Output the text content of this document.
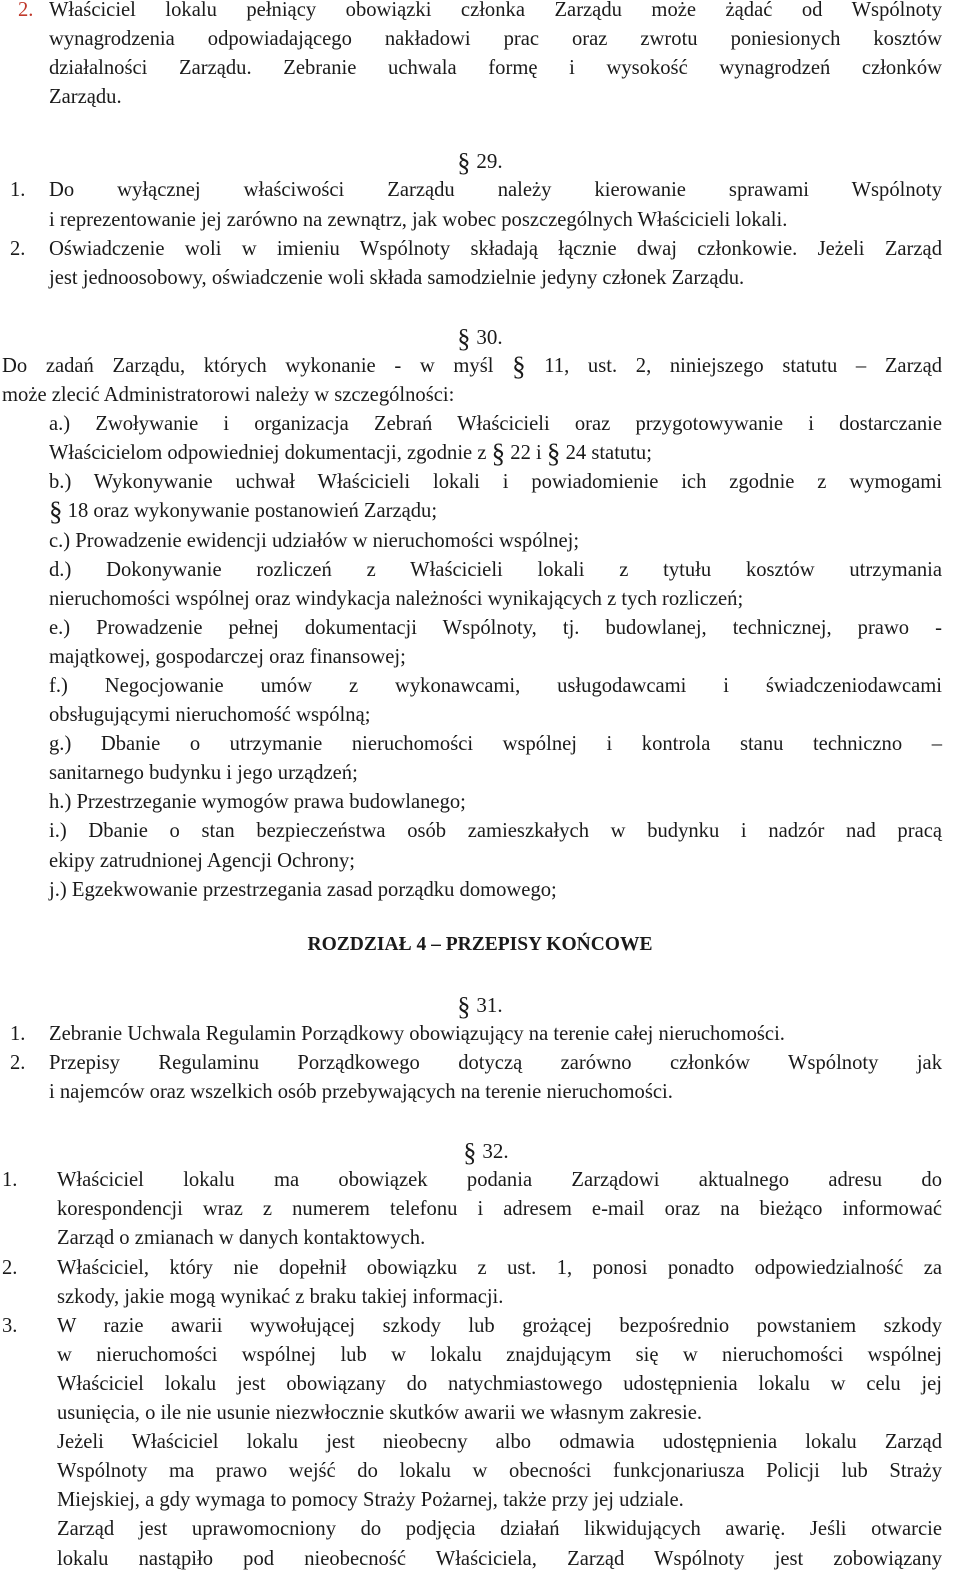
2. Właściciel lokalu pełniący obowiązki członka Zarządu może żądać od Wspólnoty
wynagrodzenia odpowiadającego nakładowi prac oraz zwrotu poniesionych kosztów
działalności Zarządu. Zebranie uchwala formę i wysokość wynagrodzeń członków
Zarządu.
§ 29.
1. Do wyłącznej właściwości Zarządu należy kierowanie sprawami Wspólnoty
i reprezentowanie jej zarówno na zewnątrz, jak wobec poszczególnych Właścicieli lokali.
2. Oświadczenie woli w imieniu Wspólnoty składają łącznie dwaj członkowie. Jeżeli Zarząd
jest jednoosobowy, oświadczenie woli składa samodzielnie jedyny członek Zarządu.
§ 30.
Do zadań Zarządu, których wykonanie - w myśl § 11, ust. 2, niniejszego statutu – Zarząd
może zlecić Administratorowi należy w szczególności:
a.) Zwoływanie i organizacja Zebrań Właścicieli oraz przygotowywanie i dostarczanie
Właścicielom odpowiedniej dokumentacji, zgodnie z § 22 i § 24 statutu;
b.) Wykonywanie uchwał Właścicieli lokali i powiadomienie ich zgodnie z wymogami
§ 18 oraz wykonywanie postanowień Zarządu;
c.) Prowadzenie ewidencji udziałów w nieruchomości wspólnej;
d.) Dokonywanie rozliczeń z Właścicieli lokali z tytułu kosztów utrzymania
nieruchomości wspólnej oraz windykacja należności wynikających z tych rozliczeń;
e.) Prowadzenie pełnej dokumentacji Wspólnoty, tj. budowlanej, technicznej, prawo -
majątkowej, gospodarczej oraz finansowej;
f.) Negocjowanie umów z wykonawcami, usługodawcami i świadczeniodawcami
obsługującymi nieruchomość wspólną;
g.) Dbanie o utrzymanie nieruchomości wspólnej i kontrola stanu techniczno –
sanitarnego budynku i jego urządzeń;
h.) Przestrzeganie wymogów prawa budowlanego;
i.) Dbanie o stan bezpieczeństwa osób zamieszkałych w budynku i nadzór nad pracą
ekipy zatrudnionej Agencji Ochrony;
j.) Egzekwowanie przestrzegania zasad porządku domowego;
ROZDZIAŁ 4 – PRZEPISY KOŃCOWE
§ 31.
1. Zebranie Uchwala Regulamin Porządkowy obowiązujący na terenie całej nieruchomości.
2. Przepisy Regulaminu Porządkowego dotyczą zarówno członków Wspólnoty jak
i najemców oraz wszelkich osób przebywających na terenie nieruchomości.
§ 32.
1. Właściciel lokalu ma obowiązek podania Zarządowi aktualnego adresu do
korespondencji wraz z numerem telefonu i adresem e-mail oraz na bieżąco informować
Zarząd o zmianach w danych kontaktowych.
2. Właściciel, który nie dopełnił obowiązku z ust. 1, ponosi ponadto odpowiedzialność za
szkody, jakie mogą wynikać z braku takiej informacji.
3. W razie awarii wywołującej szkody lub grożącej bezpośrednio powstaniem szkody
w nieruchomości wspólnej lub w lokalu znajdującym się w nieruchomości wspólnej
Właściciel lokalu jest obowiązany do natychmiastowego udostępnienia lokalu w celu jej
usunięcia, o ile nie usunie niezwłocznie skutków awarii we własnym zakresie.
Jeżeli Właściciel lokalu jest nieobecny albo odmawia udostępnienia lokalu Zarząd
Wspólnoty ma prawo wejść do lokalu w obecności funkcjonariusza Policji lub Straży
Miejskiej, a gdy wymaga to pomocy Straży Pożarnej, także przy jej udziale.
Zarząd jest uprawomocniony do podjęcia działań likwidujących awarię. Jeśli otwarcie
lokalu nastąpiło pod nieobecność Właściciela, Zarząd Wspólnoty jest zobowiązany
